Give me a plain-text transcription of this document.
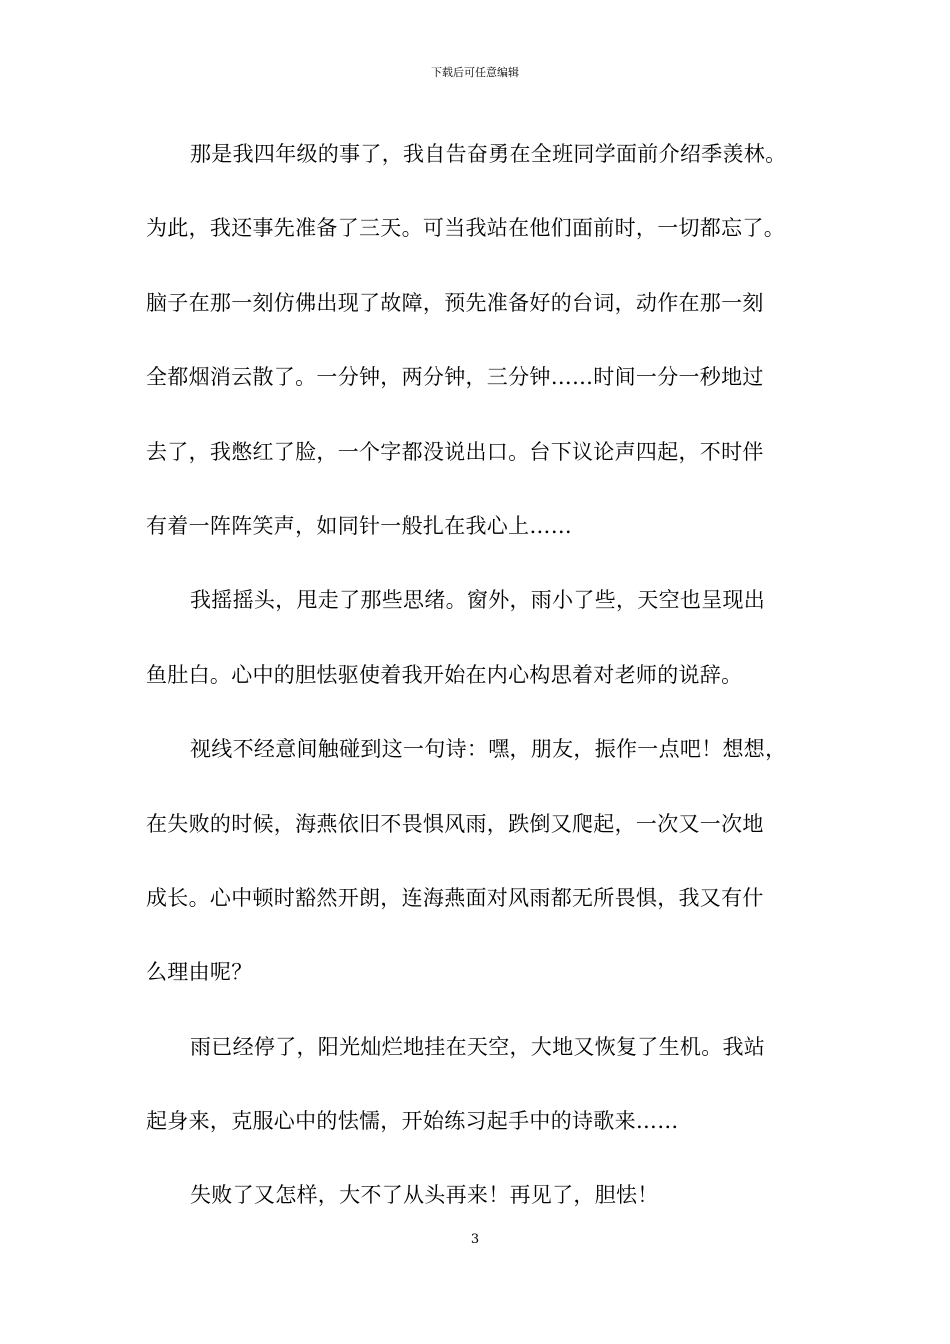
下载后可任意编辑
那是我四年级的事了，我自告奋勇在全班同学面前介绍季羡林。
为此，我还事先准备了三天。可当我站在他们面前时，一切都忘了。
脑子在那一刻仿佛出现了故障，预先准备好的台词，动作在那一刻
全都烟消云散了。一分钟，两分钟，三分钟……时间一分一秒地过
去了，我憋红了脸，一个字都没说出口。台下议论声四起，不时伴
有着一阵阵笑声，如同针一般扎在我心上……
我摇摇头，甩走了那些思绪。窗外，雨小了些，天空也呈现出
鱼肚白。心中的胆怯驱使着我开始在内心构思着对老师的说辞。
视线不经意间触碰到这一句诗：嘿，朋友，振作一点吧！想想，
在失败的时候，海燕依旧不畏惧风雨，跌倒又爬起，一次又一次地
成长。心中顿时豁然开朗，连海燕面对风雨都无所畏惧，我又有什
么理由呢？
雨已经停了，阳光灿烂地挂在天空，大地又恢复了生机。我站
起身来，克服心中的怯懦，开始练习起手中的诗歌来……
失败了又怎样，大不了从头再来！再见了，胆怯！
3
